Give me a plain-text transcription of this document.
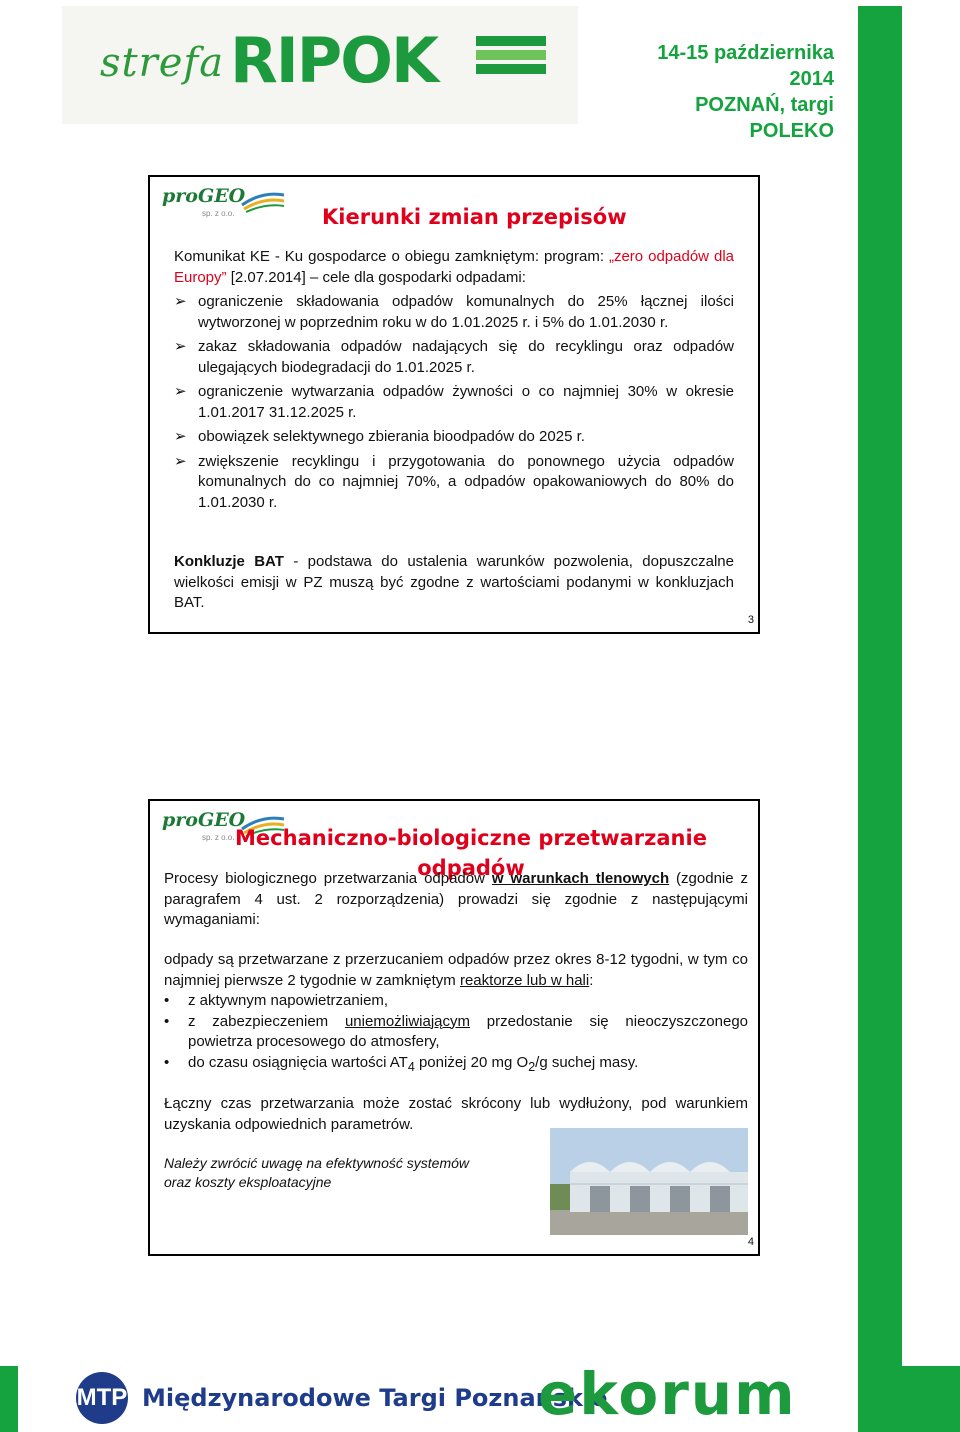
strefa RIPOK	14-15 października
2014
POZNAŃ, targi
POLEKO
proGEO
sp. z o.o.	Kierunki zmian przepisów
Komunikat KE - Ku gospodarce o obiegu zamkniętym: program: „zero odpadów dla Europy” [2.07.2014] – cele dla gospodarki odpadami:
➢ ograniczenie składowania odpadów komunalnych do 25% łącznej ilości wytworzonej w poprzednim roku w do 1.01.2025 r. i 5% do 1.01.2030 r.
➢ zakaz składowania odpadów nadających się do recyklingu oraz odpadów ulegających biodegradacji do 1.01.2025 r.
➢ ograniczenie wytwarzania odpadów żywności o co najmniej 30% w okresie 1.01.2017 31.12.2025 r.
➢ obowiązek selektywnego zbierania bioodpadów do 2025 r.
➢ zwiększenie recyklingu i przygotowania do ponownego użycia odpadów komunalnych do co najmniej 70%, a odpadów opakowaniowych do 80% do 1.01.2030 r.
Konkluzje BAT - podstawa do ustalenia warunków pozwolenia, dopuszczalne wielkości emisji w PZ muszą być zgodne z wartościami podanymi w konkluzjach BAT.
3
proGEO
sp. z o.o. Mechaniczno-biologiczne przetwarzanie odpadów
Procesy biologicznego przetwarzania odpadów w warunkach tlenowych (zgodnie z paragrafem 4 ust. 2 rozporządzenia) prowadzi się zgodnie z następującymi wymaganiami:
odpady są przetwarzane z przerzucaniem odpadów przez okres 8-12 tygodni, w tym co najmniej pierwsze 2 tygodnie w zamkniętym reaktorze lub w hali:
• z aktywnym napowietrzaniem,
• z zabezpieczeniem uniemożliwiającym przedostanie się nieoczyszczonego powietrza procesowego do atmosfery,
• do czasu osiągnięcia wartości $AT_4$ poniżej 20 mg $O_2/g$ suchej masy.
Łączny czas przetwarzania może zostać skrócony lub wydłużony, pod warunkiem uzyskania odpowiednich parametrów.
Należy zwrócić uwagę na efektywność systemów
oraz koszty eksploatacyjne
4
MTP Międzynarodowe Targi Poznańskie
ekorum
